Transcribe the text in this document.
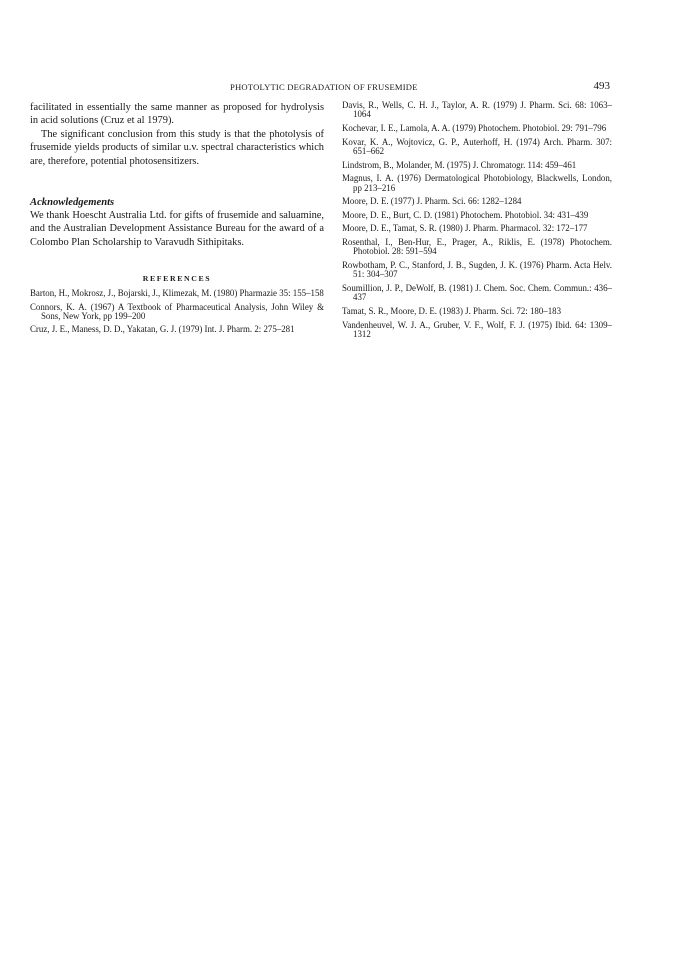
PHOTOLYTIC DEGRADATION OF FRUSEMIDE	493

facilitated in essentially the same manner as proposed for hydrolysis in acid solutions (Cruz et al 1979).

The significant conclusion from this study is that the photolysis of frusemide yields products of similar u.v. spectral characteristics which are, therefore, potential photosensitizers.

Acknowledgements

We thank Hoescht Australia Ltd. for gifts of frusemide and saluamine, and the Australian Development Assistance Bureau for the award of a Colombo Plan Scholarship to Varavudh Sithipitaks.

REFERENCES

Barton, H., Mokrosz, J., Bojarski, J., Klimezak, M. (1980) Pharmazie 35: 155–158

Connors, K. A. (1967) A Textbook of Pharmaceutical Analysis, John Wiley & Sons, New York, pp 199–200

Cruz, J. E., Maness, D. D., Yakatan, G. J. (1979) Int. J. Pharm. 2: 275–281

Davis, R., Wells, C. H. J., Taylor, A. R. (1979) J. Pharm. Sci. 68: 1063–1064

Kochevar, I. E., Lamola, A. A. (1979) Photochem. Photobiol. 29: 791–796

Kovar, K. A., Wojtovicz, G. P., Auterhoff, H. (1974) Arch. Pharm. 307: 651–662

Lindstrom, B., Molander, M. (1975) J. Chromatogr. 114: 459–461

Magnus, I. A. (1976) Dermatological Photobiology, Blackwells, London, pp 213–216

Moore, D. E. (1977) J. Pharm. Sci. 66: 1282–1284

Moore, D. E., Burt, C. D. (1981) Photochem. Photobiol. 34: 431–439

Moore, D. E., Tamat, S. R. (1980) J. Pharm. Pharmacol. 32: 172–177

Rosenthal, I., Ben-Hur, E., Prager, A., Riklis, E. (1978) Photochem. Photobiol. 28: 591–594

Rowbotham, P. C., Stanford, J. B., Sugden, J. K. (1976) Pharm. Acta Helv. 51: 304–307

Soumillion, J. P., DeWolf, B. (1981) J. Chem. Soc. Chem. Commun.: 436–437

Tamat, S. R., Moore, D. E. (1983) J. Pharm. Sci. 72: 180–183

Vandenheuvel, W. J. A., Gruber, V. F., Wolf, F. J. (1975) Ibid. 64: 1309–1312
